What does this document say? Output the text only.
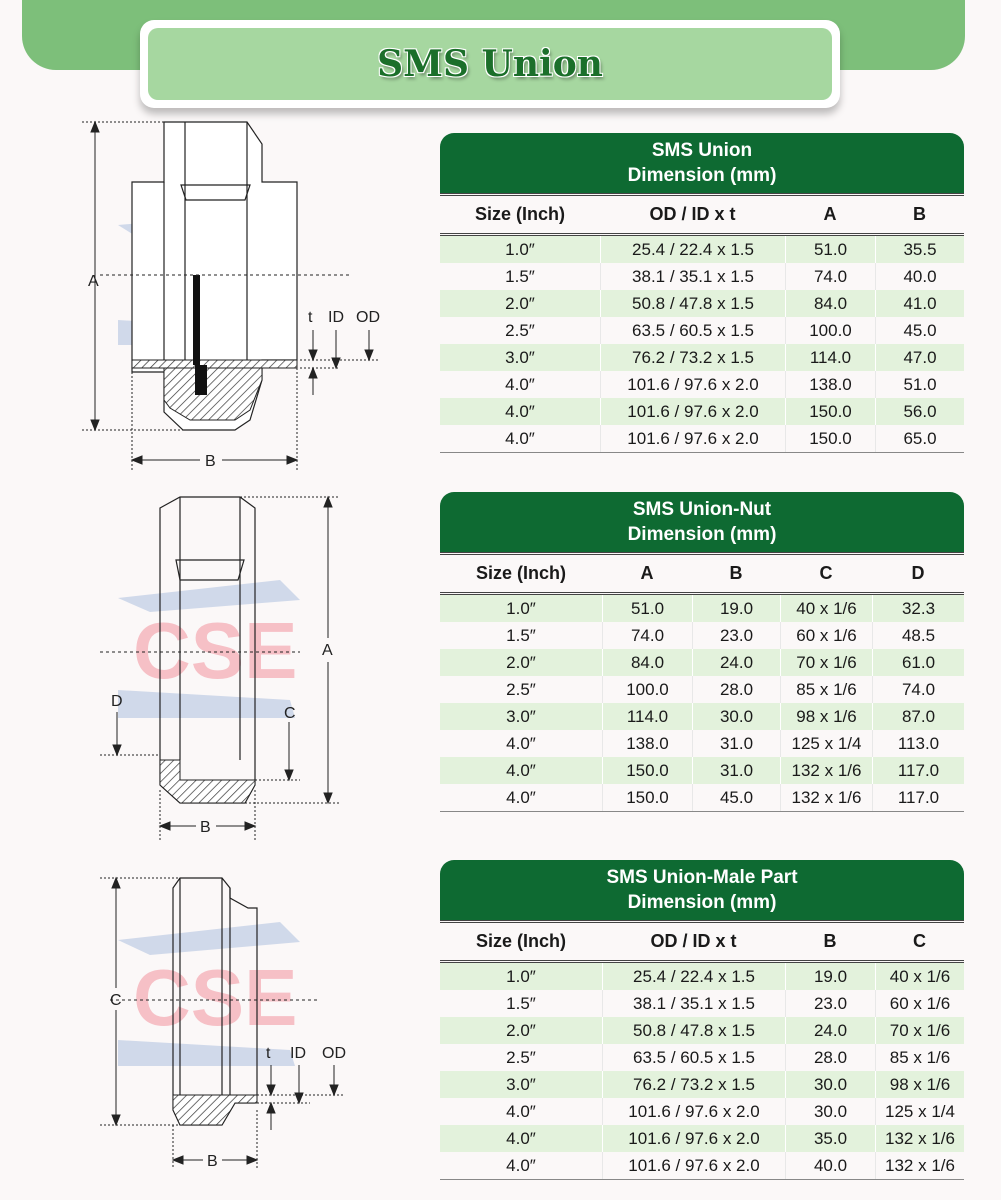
SMS Union
A
B
t ID OD
CSE A
B
C
D
CSE
C
B
t ID OD
SMS Union
Dimension (mm)
Size (Inch)	OD / ID x t	A	B
1.0″	25.4 / 22.4 x 1.5	51.0	35.5
1.5″	38.1 / 35.1 x 1.5	74.0	40.0
2.0″	50.8 / 47.8 x 1.5	84.0	41.0
2.5″	63.5 / 60.5 x 1.5	100.0	45.0
3.0″	76.2 / 73.2 x 1.5	114.0	47.0
4.0″	101.6 / 97.6 x 2.0	138.0	51.0
4.0″	101.6 / 97.6 x 2.0	150.0	56.0
4.0″	101.6 / 97.6 x 2.0	150.0	65.0
SMS Union-Nut
Dimension (mm)
Size (Inch)	A	B	C	D
1.0″	51.0	19.0	40 x 1/6	32.3
1.5″	74.0	23.0	60 x 1/6	48.5
2.0″	84.0	24.0	70 x 1/6	61.0
2.5″	100.0	28.0	85 x 1/6	74.0
3.0″	114.0	30.0	98 x 1/6	87.0
4.0″	138.0	31.0	125 x 1/4	113.0
4.0″	150.0	31.0	132 x 1/6	117.0
4.0″	150.0	45.0	132 x 1/6	117.0
SMS Union-Male Part
Dimension (mm)
Size (Inch)	OD / ID x t	B	C
1.0″	25.4 / 22.4 x 1.5	19.0	40 x 1/6
1.5″	38.1 / 35.1 x 1.5	23.0	60 x 1/6
2.0″	50.8 / 47.8 x 1.5	24.0	70 x 1/6
2.5″	63.5 / 60.5 x 1.5	28.0	85 x 1/6
3.0″	76.2 / 73.2 x 1.5	30.0	98 x 1/6
4.0″	101.6 / 97.6 x 2.0	30.0	125 x 1/4
4.0″	101.6 / 97.6 x 2.0	35.0	132 x 1/6
4.0″	101.6 / 97.6 x 2.0	40.0	132 x 1/6
